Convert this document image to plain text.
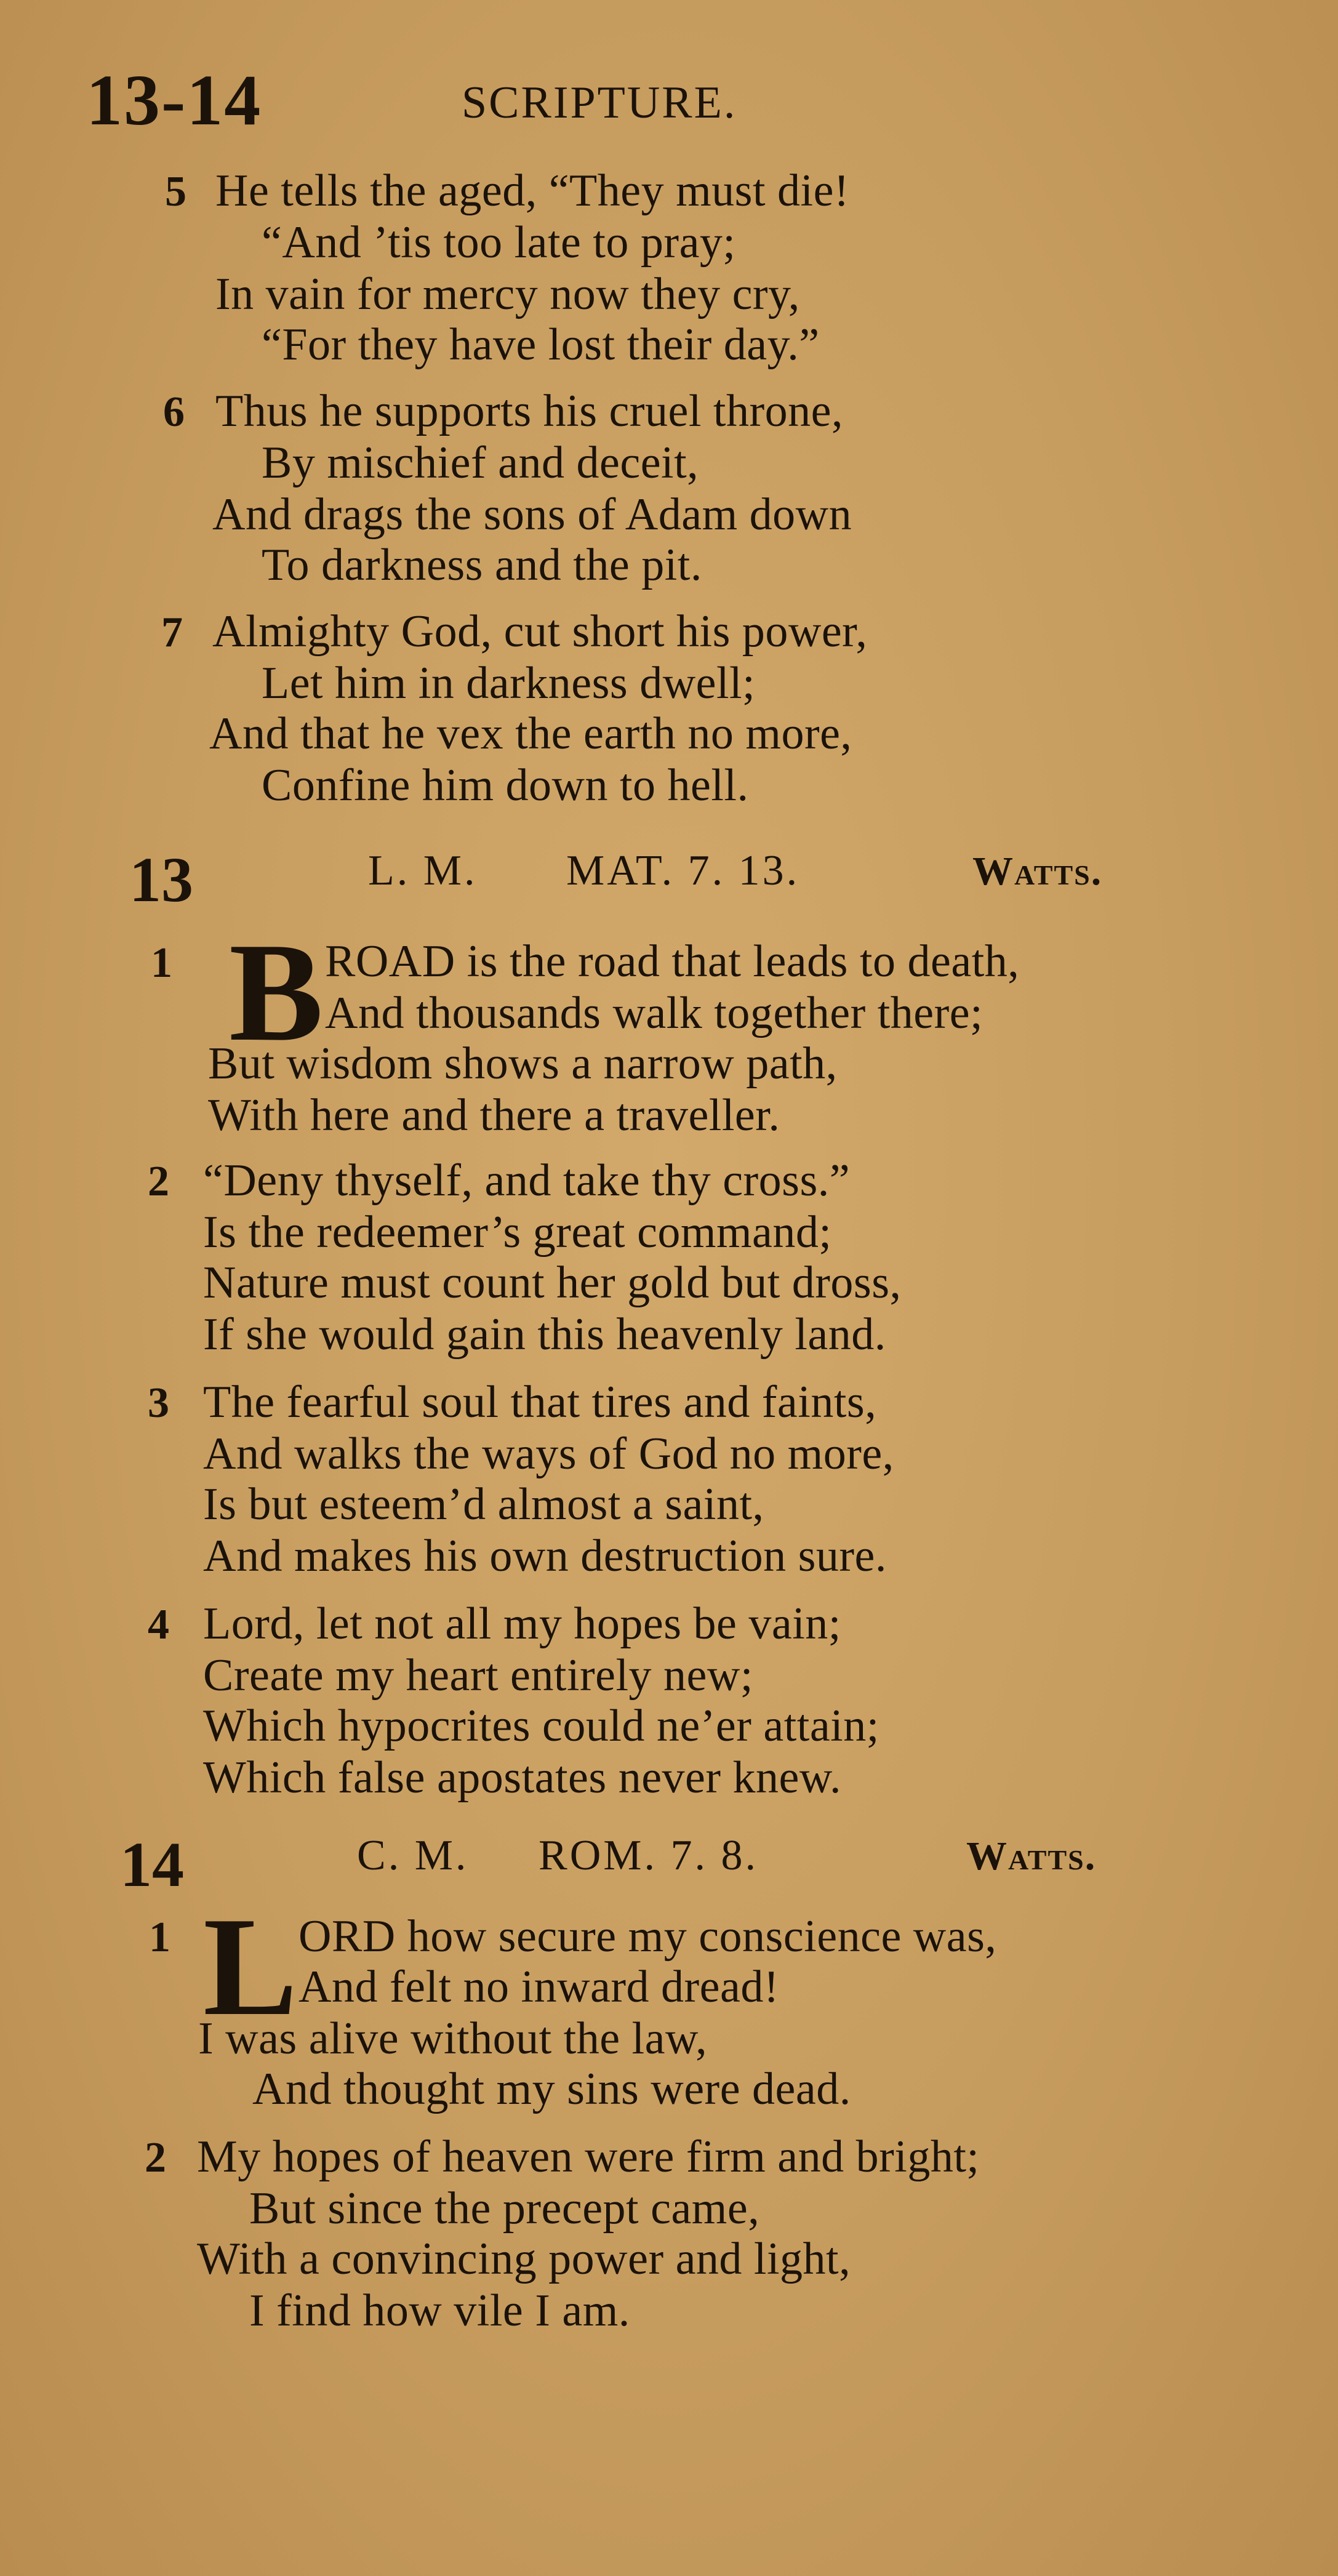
13-14	SCRIPTURE.
5 He tells the aged, “They must die!
“And ’tis too late to pray;
In vain for mercy now they cry,
“For they have lost their day.”
6 Thus he supports his cruel throne,
By mischief and deceit,
And drags the sons of Adam down
To darkness and the pit.
7 Almighty God, cut short his power,
Let him in darkness dwell;
And that he vex the earth no more,
Confine him down to hell.
13	L. M. MAT. 7. 13.	Watts.
1 B ROAD is the road that leads to death,
And thousands walk together there;
But wisdom shows a narrow path,
With here and there a traveller.
2 “Deny thyself, and take thy cross.”
Is the redeemer’s great command;
Nature must count her gold but dross,
If she would gain this heavenly land.
3 The fearful soul that tires and faints,
And walks the ways of God no more,
Is but esteem’d almost a saint,
And makes his own destruction sure.
4 Lord, let not all my hopes be vain;
Create my heart entirely new;
Which hypocrites could ne’er attain;
Which false apostates never knew.
14	C. M. ROM. 7. 8.	Watts.
1 L ORD how secure my conscience was,
And felt no inward dread!
I was alive without the law,
And thought my sins were dead.
2 My hopes of heaven were firm and bright;
But since the precept came,
With a convincing power and light,
I find how vile I am.
